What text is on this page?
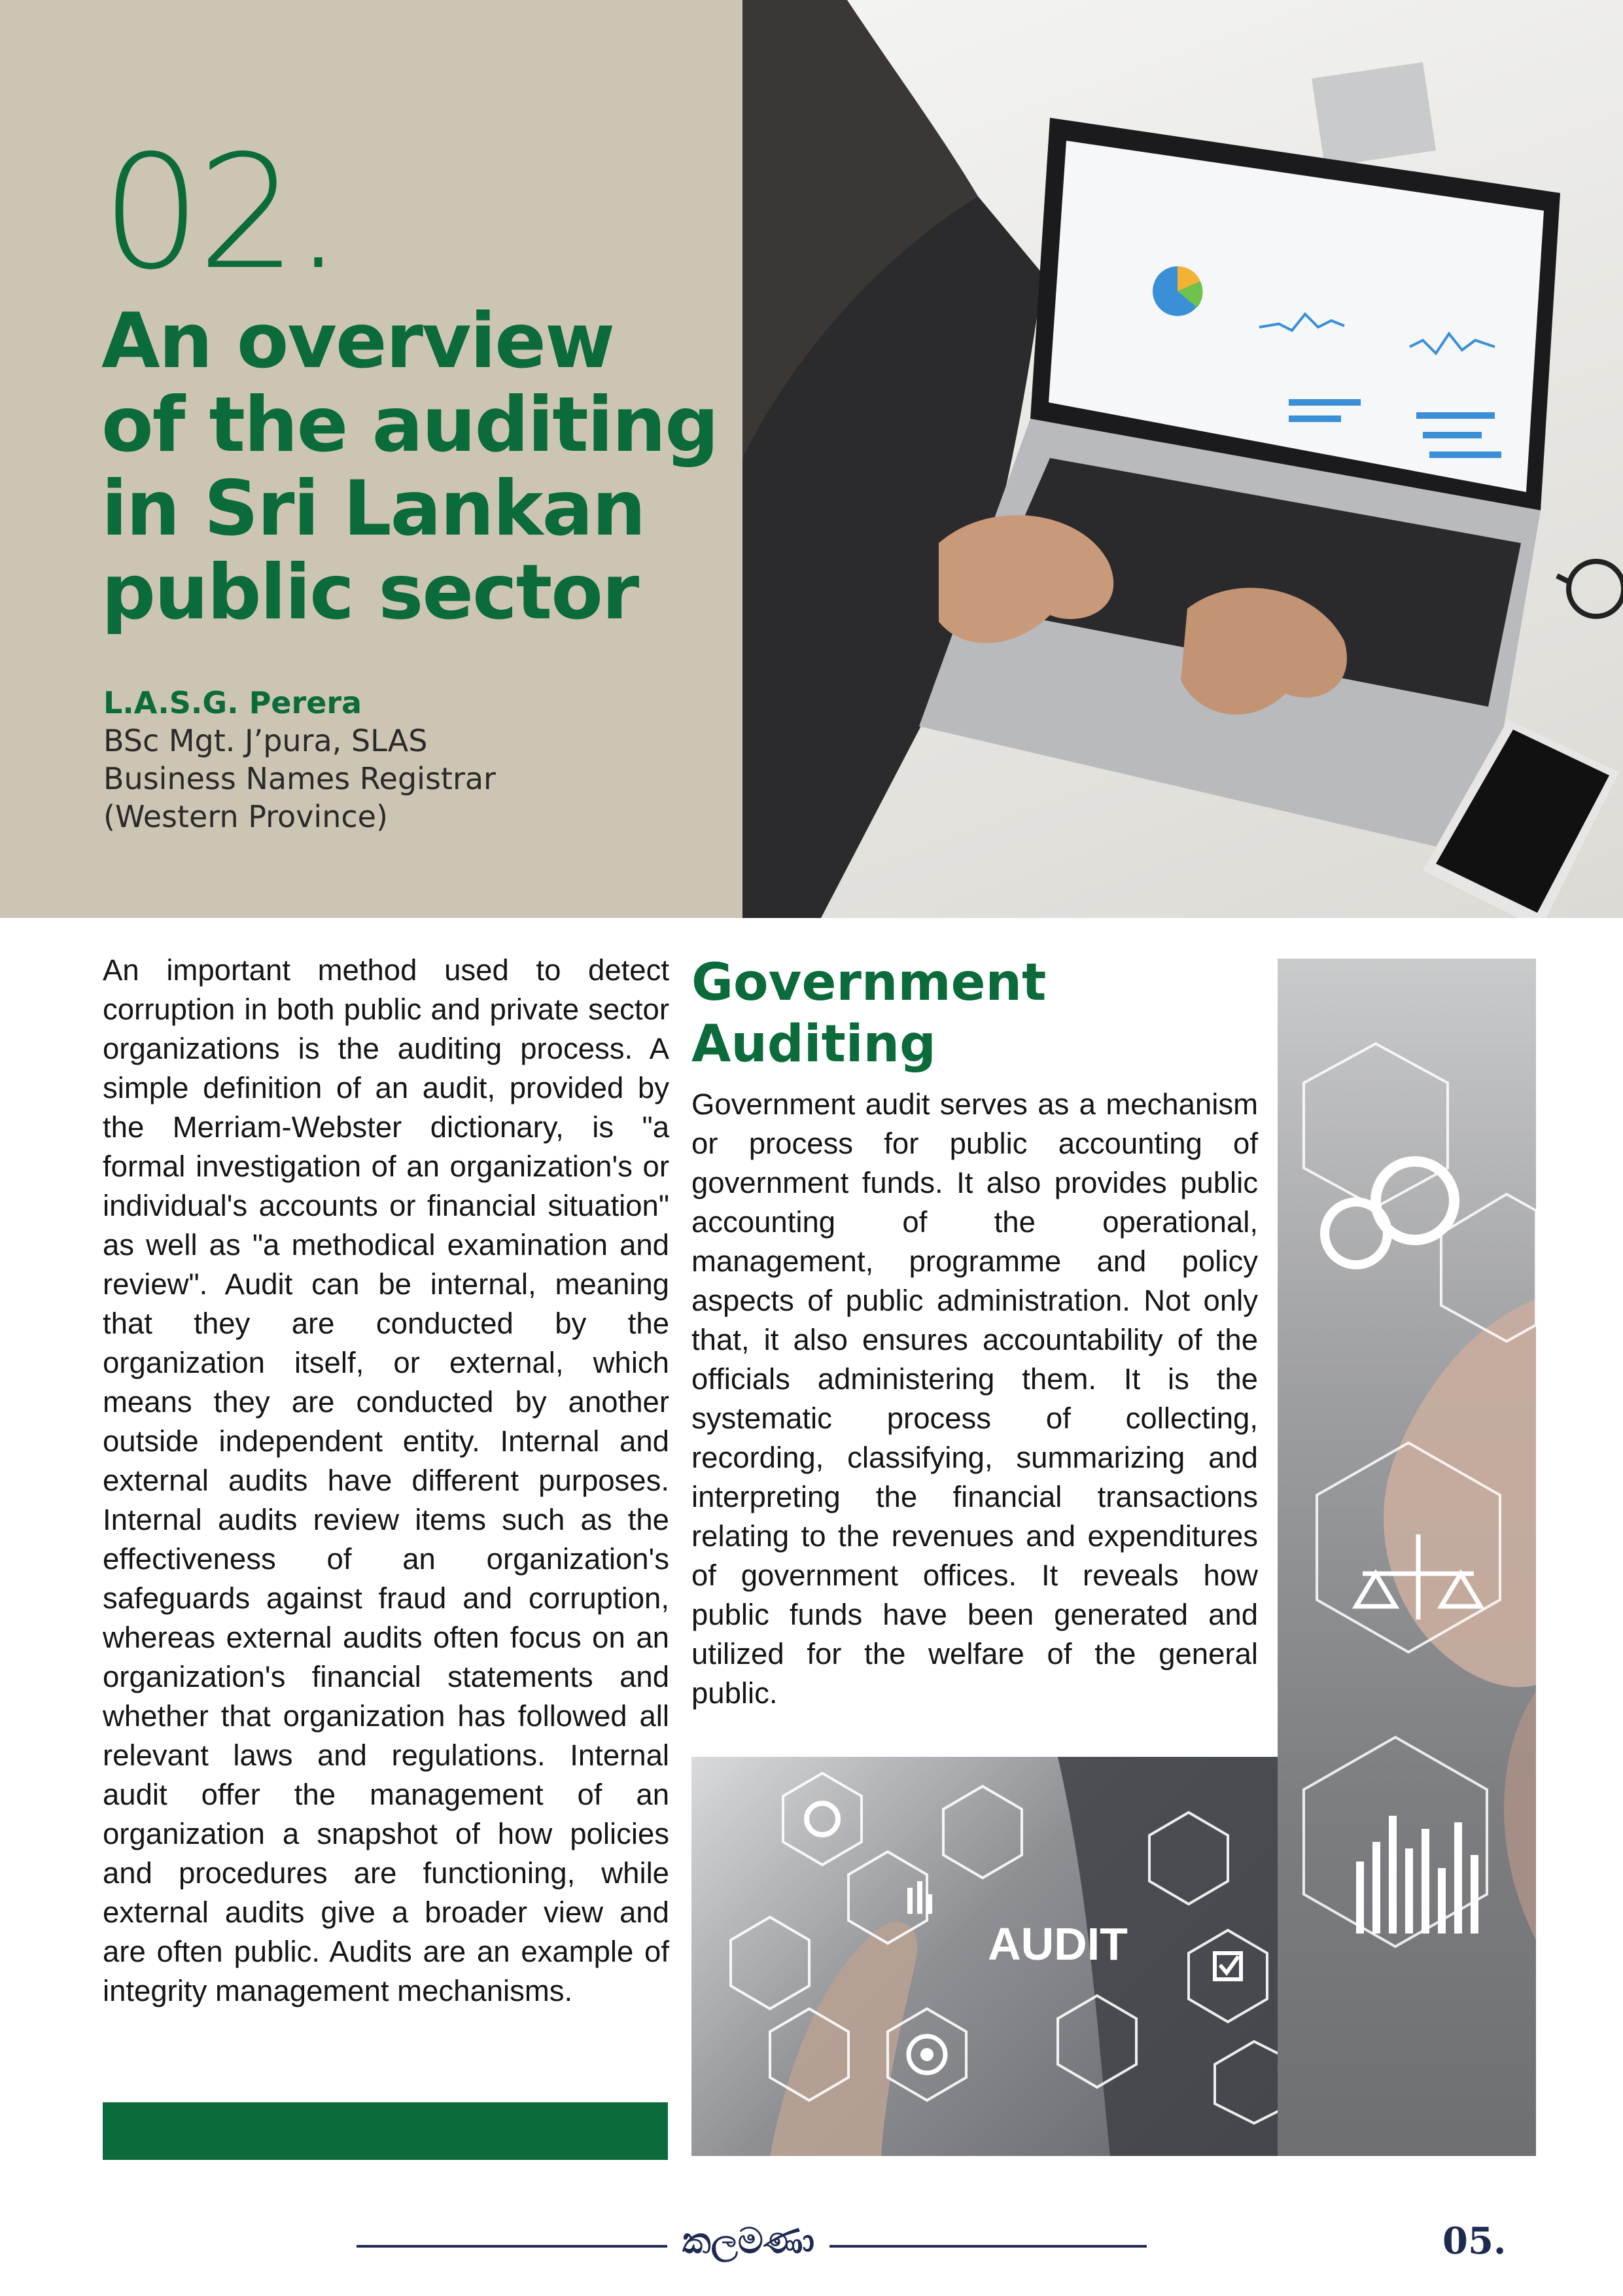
02.
An overview
of the auditing
in Sri Lankan
public sector
L.A.S.G. Perera
BSc Mgt. J’pura, SLAS
Business Names Registrar
(Western Province)
An important method used to detect corruption in both public and private sector organizations is the auditing process. A simple definition of an audit, provided by the Merriam-Webster dictionary, is "a formal investigation of an organization's or individual's accounts or financial situation" as well as "a methodical examination and review". Audit can be internal, meaning that they are conducted by the organization itself, or external, which means they are conducted by another outside independent entity. Internal and external audits have different purposes. Internal audits review items such as the effectiveness of an organization's safeguards against fraud and corruption, whereas external audits often focus on an organization's financial statements and whether that organization has followed all relevant laws and regulations. Internal audit offer the management of an organization a snapshot of how policies and procedures are functioning, while external audits give a broader view and are often public. Audits are an example of integrity management mechanisms.
Government
Auditing
Government audit serves as a mechanism or process for public accounting of government funds. It also provides public accounting of the operational, management, programme and policy aspects of public administration. Not only that, it also ensures accountability of the officials administering them. It is the systematic process of collecting, recording, classifying, summarizing and interpreting the financial transactions relating to the revenues and expenditures of government offices. It reveals how public funds have been generated and utilized for the welfare of the general public.
AUDIT
කලමණා	05.
